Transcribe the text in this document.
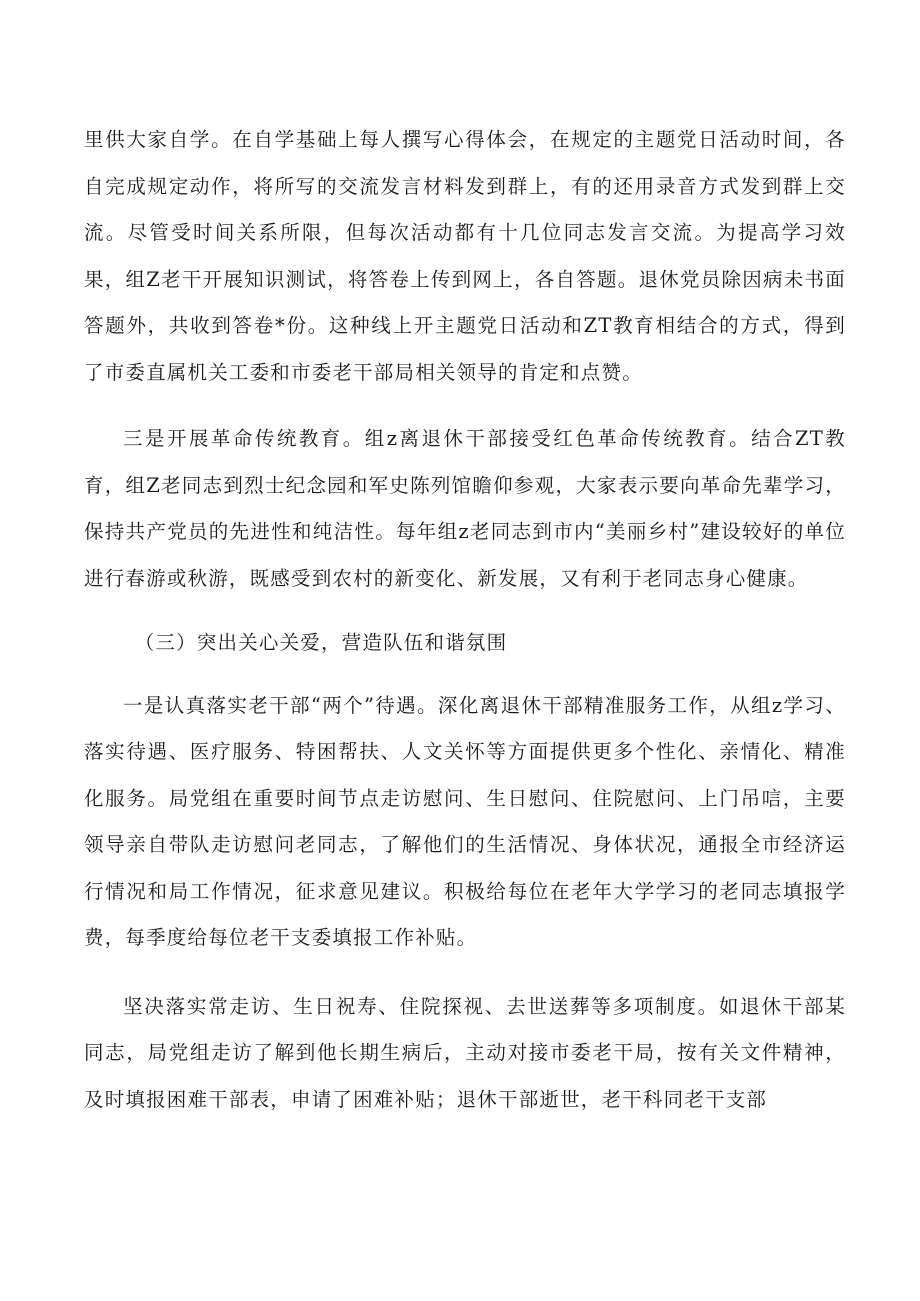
里供大家自学。在自学基础上每人撰写心得体会，在规定的主题党日活动时间，各自完成规定动作，将所写的交流发言材料发到群上，有的还用录音方式发到群上交流。尽管受时间关系所限，但每次活动都有十几位同志发言交流。为提高学习效果，组Z老干开展知识测试，将答卷上传到网上，各自答题。退休党员除因病未书面答题外，共收到答卷*份。这种线上开主题党日活动和ZT教育相结合的方式，得到了市委直属机关工委和市委老干部局相关领导的肯定和点赞。

三是开展革命传统教育。组z离退休干部接受红色革命传统教育。结合ZT教育，组Z老同志到烈士纪念园和军史陈列馆瞻仰参观，大家表示要向革命先辈学习，保持共产党员的先进性和纯洁性。每年组z老同志到市内“美丽乡村”建设较好的单位进行春游或秋游，既感受到农村的新变化、新发展，又有利于老同志身心健康。

（三）突出关心关爱，营造队伍和谐氛围

一是认真落实老干部“两个”待遇。深化离退休干部精准服务工作，从组z学习、落实待遇、医疗服务、特困帮扶、人文关怀等方面提供更多个性化、亲情化、精准化服务。局党组在重要时间节点走访慰问、生日慰问、住院慰问、上门吊唁，主要领导亲自带队走访慰问老同志，了解他们的生活情况、身体状况，通报全市经济运行情况和局工作情况，征求意见建议。积极给每位在老年大学学习的老同志填报学费，每季度给每位老干支委填报工作补贴。

坚决落实常走访、生日祝寿、住院探视、去世送葬等多项制度。如退休干部某同志，局党组走访了解到他长期生病后，主动对接市委老干局，按有关文件精神，及时填报困难干部表，申请了困难补贴；退休干部逝世，老干科同老干支部
